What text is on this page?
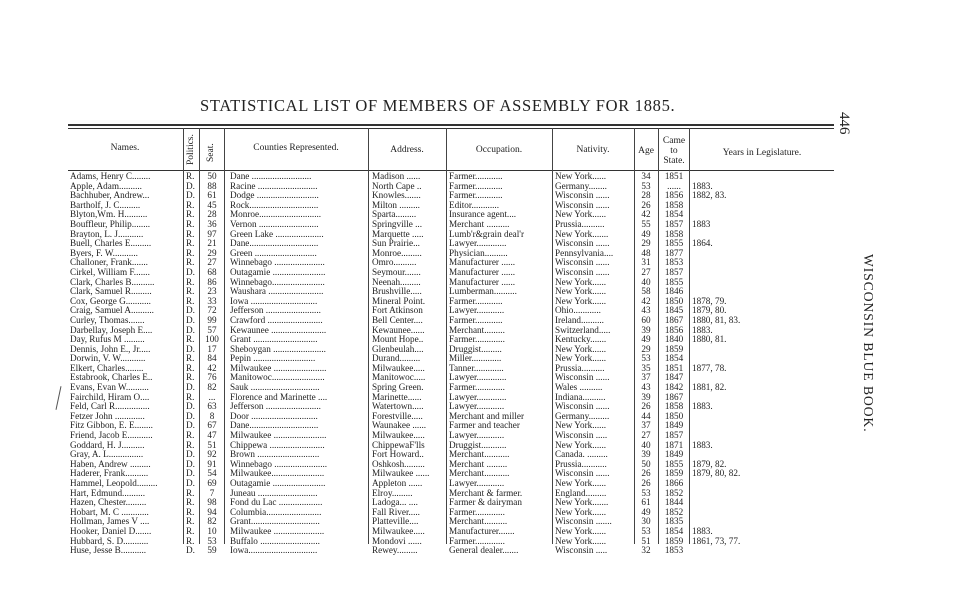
STATISTICAL LIST OF MEMBERS OF ASSEMBLY FOR 1885.
446
WISCONSIN BLUE BOOK.
Names.	Politics. Seat.	Counties Represented.	Address.	Occupation.	Nativity.	Age
Came
to
State.
Years in Legislature.
Adams, Henry C........	R.	50	Dane ..........................	Madison ......	Farmer............	New York......	34	1851
Apple, Adam..........	D.	88	Racine ..........................	North Cape ..	Farmer............	Germany........	53	......	1883.
Bachhuber, Andrew...	D.	61	Dodge ...........................	Knowles.......	Farmer............	Wisconsin ......	28	1856 1882, 83.
Bartholf, J. C.........	R.	45	Rock..............................	Milton .........	Editor............	Wisconsin ......	26	1858
Blyton,Wm. H..........	R.	28	Monroe...........................	Sparta.........	Insurance agent....	New York......	42	1854
Bouffleur, Philip........	R.	36	Vernon ..........................	Springville ...	Merchant ..........	Prussia..........	55	1857 1883
Brayton, L. J...........	R.	97	Green Lake .....................	Marquette .....	Lumb'r&grain deal'r	New York.......	49	1858
Buell, Charles E.........	R.	21	Dane..............................	Sun Prairie...	Lawyer.............	Wisconsin ......	29	1855 1864.
Byers, F. W...........	R.	29	Green ...........................	Monroe.........	Physician..........	Pennsylvania....	48	1877
Challoner, Frank.......	R.	27	Winnebago ......................	Omro..........	Manufacturer ......	Wisconsin ......	31	1853
Cirkel, William F.......	D.	68	Outagamie .......................	Seymour.......	Manufacturer ......	Wisconsin ......	27	1857
Clark, Charles B..........	R.	86	Winnebago.......................	Neenah.........	Manufacturer ......	New York......	40	1855
Clark, Samuel R.........	R.	23	Waushara ........................	Brushville.....	Lumberman..........	New York......	58	1846
Cox, George G...........	R.	33	Iowa .............................	Mineral Point.	Farmer............	New York......	42	1850 1878, 79.
Craig, Samuel A..........	D.	72	Jefferson ........................	Fort Atkinson	Lawyer............	Ohio............	43	1845 1879, 80.
Curley, Thomas.......	D.	99	Crawford ........................	Bell Center....	Farmer............	Ireland..........	60	1867 1880, 81, 83.
Darbellay, Joseph E....	D.	57	Kewaunee ........................	Kewaunee......	Merchant.........	Switzerland.....	39	1856 1883.
Day, Rufus M .........	R.	100	Grant ............................	Mount Hope..	Farmer.............	Kentucky.......	49	1840 1880, 81.
Dennis, John E., Jr.....	D.	17	Sheboygan .......................	Glenbeulah....	Druggist.........	New York......	29	1859
Dorwin, V. W...........	R.	84	Pepin ...........................	Durand.........	Miller.............	New York......	53	1854
Elkert, Charles........	R.	42	Milwaukee .......................	Milwaukee.....	Tanner.............	Prussia..........	35	1851 1877, 78.
Estabrook, Charles E..	R.	76	Manitowoc.......................	Manitowoc.....	Lawyer.............	Wisconsin ......	37	1847
Evans, Evan W..........	D.	82	Sauk ..............................	Spring Green.	Farmer.............	Wales ..........	43	1842 1881, 82.
Fairchild, Hiram O....	R.	...	Florence and Marinette ....	Marinette......	Lawyer.............	Indiana..........	39	1867
Feld, Carl R...............	D.	63	Jefferson ........................	Watertown.....	Lawyer............	Wisconsin ......	26	1858 1883.
Fetzer John .............	D.	8	Door .............................	Forestville.....	Merchant and miller	Germany.........	44	1850
Fitz Gibbon, E. E........	D.	67	Dane..............................	Waunakee ......	Farmer and teacher	New York......	37	1849
Friend, Jacob E...........	R.	47	Milwaukee .......................	Milwaukee.....	Lawyer............	Wisconsin .....	27	1857
Goddard, H. J..........	R.	51	Chippewa ........................	ChippewaF'lls	Druggist...........	New York......	40	1871 1883.
Gray, A. L...............	D.	92	Brown ...........................	Fort Howard..	Merchant...........	Canada. .........	39	1849
Haben, Andrew .........	D.	91	Winnebago .......................	Oshkosh.........	Merchant .........	Prussia...........	50	1855 1879, 82.
Haderer, Frank..........	D.	54	Milwaukee.......................	Milwaukee ......	Merchant...........	Wisconsin ......	26	1859 1879, 80, 82.
Hammel, Leopold.........	D.	69	Outagamie .......................	Appleton ......	Lawyer............	New York......	26	1866
Hart, Edmund..........	R.	7	Juneau ..........................	Elroy.........	Merchant & farmer.	England.........	53	1852
Hazen, Chester.........	R.	98	Fond du Lac ...................	Ladoga... ....	Farmer & dairyman	New York.......	61	1844
Hobart, M. C ............	R.	94	Columbia........................	Fall River.....	Farmer.............	New York......	49	1852
Hollman, James V ....	R.	82	Grant..............................	Platteville....	Merchant..........	Wisconsin .......	30	1835
Hooker, Daniel D.......	R.	10	Milwaukee ......................	Milwaukee.....	Manufacturer.......	New York......	53	1854 1883.
Hubbard, S. D...........	R.	53	Buffalo ..........................	Mondovi ......	Farmer.............	New York......	51	1859 1861, 73, 77.
Huse, Jesse B...........	D.	59	Iowa..............................	Rewey.........	General dealer.......	Wisconsin .....	32	1853
